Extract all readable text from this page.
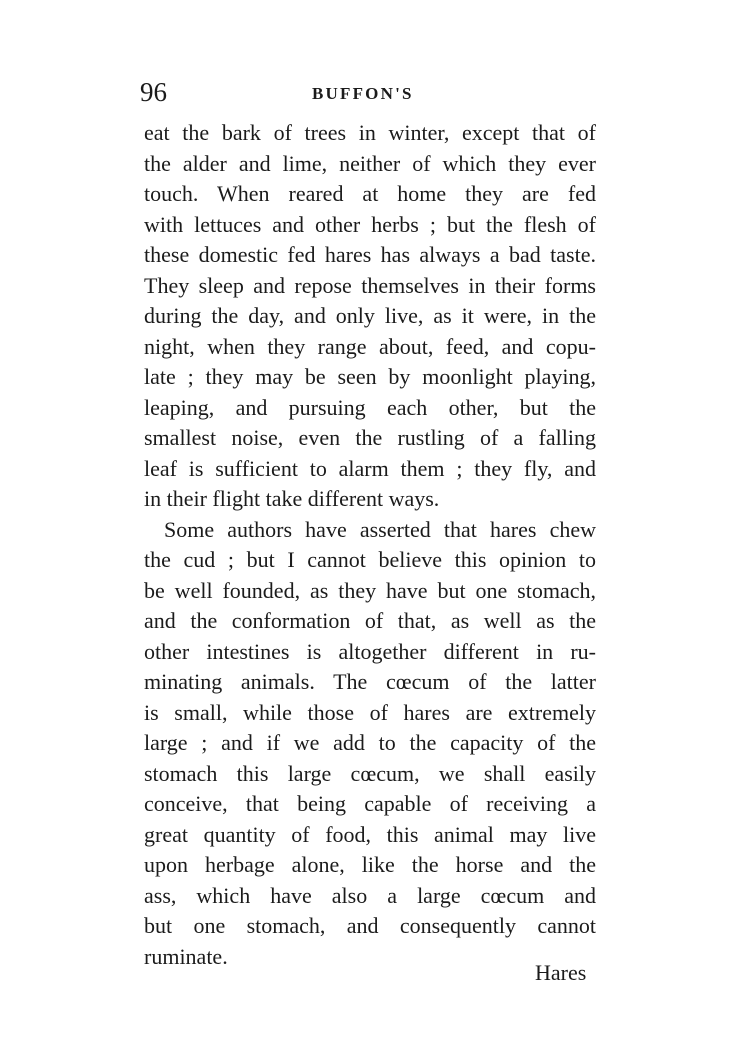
96	BUFFON'S
eat the bark of trees in winter, except that of
the alder and lime, neither of which they ever
touch. When reared at home they are fed
with lettuces and other herbs ; but the flesh of
these domestic fed hares has always a bad taste.
They sleep and repose themselves in their forms
during the day, and only live, as it were, in the
night, when they range about, feed, and copu-
late ; they may be seen by moonlight playing,
leaping, and pursuing each other, but the
smallest noise, even the rustling of a falling
leaf is sufficient to alarm them ; they fly, and
in their flight take different ways.
Some authors have asserted that hares chew
the cud ; but I cannot believe this opinion to
be well founded, as they have but one stomach,
and the conformation of that, as well as the
other intestines is altogether different in ru-
minating animals. The cœcum of the latter
is small, while those of hares are extremely
large ; and if we add to the capacity of the
stomach this large cœcum, we shall easily
conceive, that being capable of receiving a
great quantity of food, this animal may live
upon herbage alone, like the horse and the
ass, which have also a large cœcum and
but one stomach, and consequently cannot
ruminate.
Hares
